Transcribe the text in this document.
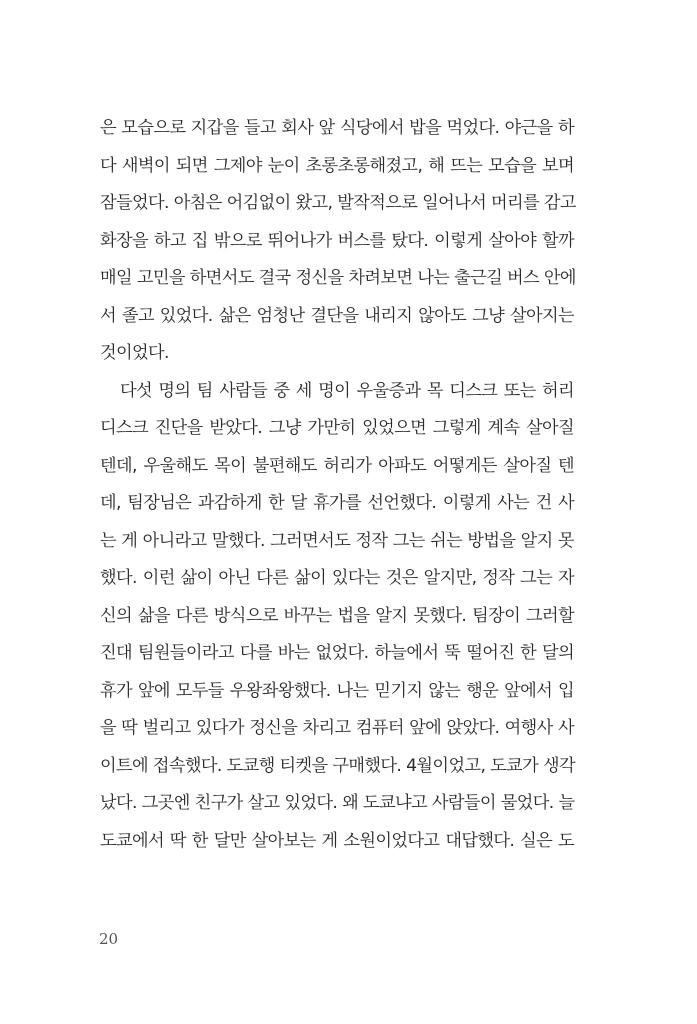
은 모습으로 지갑을 들고 회사 앞 식당에서 밥을 먹었다. 야근을 하
다 새벽이 되면 그제야 눈이 초롱초롱해졌고, 해 뜨는 모습을 보며
잠들었다. 아침은 어김없이 왔고, 발작적으로 일어나서 머리를 감고
화장을 하고 집 밖으로 뛰어나가 버스를 탔다. 이렇게 살아야 할까
매일 고민을 하면서도 결국 정신을 차려보면 나는 출근길 버스 안에
서 졸고 있었다. 삶은 엄청난 결단을 내리지 않아도 그냥 살아지는
것이었다.
다섯 명의 팀 사람들 중 세 명이 우울증과 목 디스크 또는 허리
디스크 진단을 받았다. 그냥 가만히 있었으면 그렇게 계속 살아질
텐데, 우울해도 목이 불편해도 허리가 아파도 어떻게든 살아질 텐
데, 팀장님은 과감하게 한 달 휴가를 선언했다. 이렇게 사는 건 사
는 게 아니라고 말했다. 그러면서도 정작 그는 쉬는 방법을 알지 못
했다. 이런 삶이 아닌 다른 삶이 있다는 것은 알지만, 정작 그는 자
신의 삶을 다른 방식으로 바꾸는 법을 알지 못했다. 팀장이 그러할
진대 팀원들이라고 다를 바는 없었다. 하늘에서 뚝 떨어진 한 달의
휴가 앞에 모두들 우왕좌왕했다. 나는 믿기지 않는 행운 앞에서 입
을 딱 벌리고 있다가 정신을 차리고 컴퓨터 앞에 앉았다. 여행사 사
이트에 접속했다. 도쿄행 티켓을 구매했다. 4월이었고, 도쿄가 생각
났다. 그곳엔 친구가 살고 있었다. 왜 도쿄냐고 사람들이 물었다. 늘
도쿄에서 딱 한 달만 살아보는 게 소원이었다고 대답했다. 실은 도
20
